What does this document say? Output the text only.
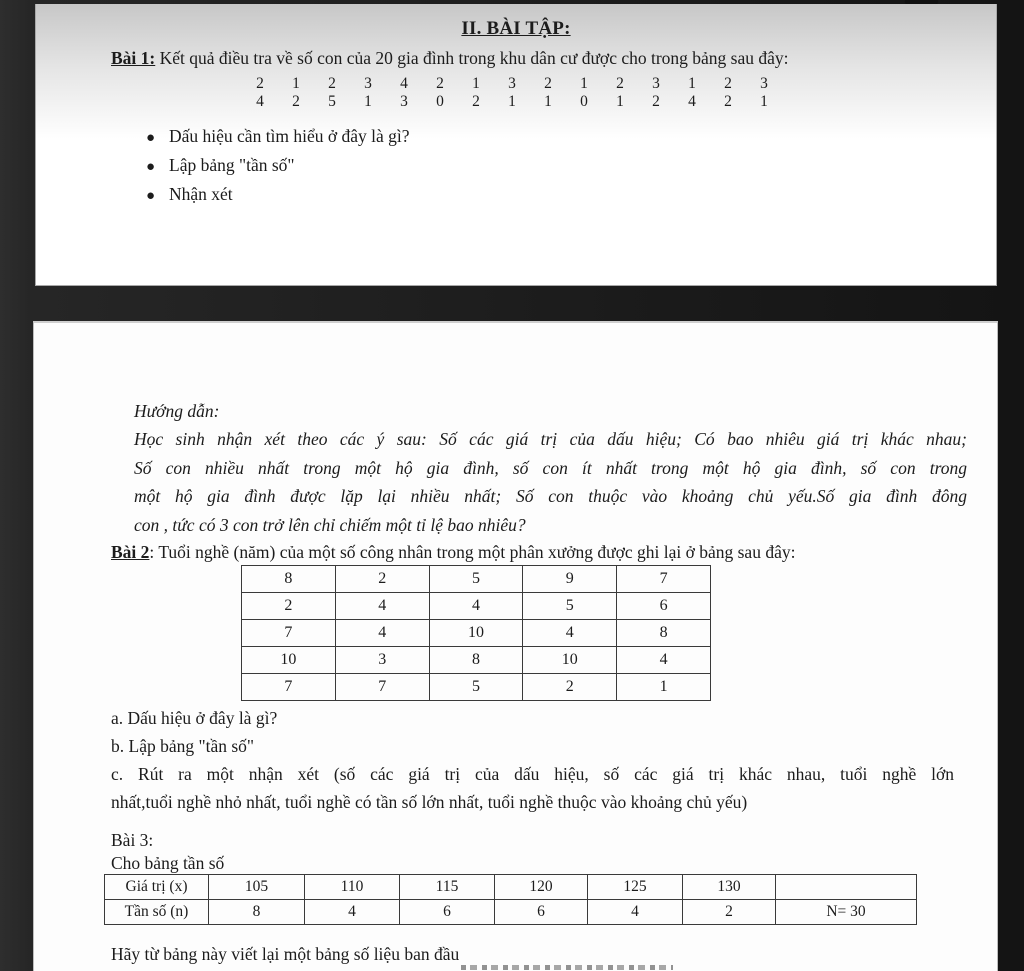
II. BÀI TẬP:
Bài 1: Kết quả điều tra về số con của 20 gia đình trong khu dân cư được cho trong bảng sau đây:
2	1	2	3	4	2	1	3	2	1	2	3	1	2	3
4	2	5	1	3	0	2	1	1	0	1	2	4	2	1
● Dấu hiệu cần tìm hiểu ở đây là gì?
● Lập bảng "tần số"
● Nhận xét
Hướng dẫn:
Học sinh nhận xét theo các ý sau: Số các giá trị của dấu hiệu; Có bao nhiêu giá trị khác nhau;
Số con nhiều nhất trong một hộ gia đình, số con ít nhất trong một hộ gia đình, số con trong
một hộ gia đình được lặp lại nhiều nhất; Số con thuộc vào khoảng chủ yếu.Số gia đình đông
con , tức có 3 con trở lên chỉ chiếm một tỉ lệ bao nhiêu?
Bài 2: Tuổi nghề (năm) của một số công nhân trong một phân xưởng được ghi lại ở bảng sau đây:
8	2	5	9	7
2	4	4	5	6
7	4	10	4	8
10	3	8	10	4
7	7	5	2	1
a. Dấu hiệu ở đây là gì?
b. Lập bảng "tần số"
c. Rút ra một nhận xét (số các giá trị của dấu hiệu, số các giá trị khác nhau, tuổi nghề lớn
nhất,tuổi nghề nhỏ nhất, tuổi nghề có tần số lớn nhất, tuổi nghề thuộc vào khoảng chủ yếu)
Bài 3:
Cho bảng tần số
Giá trị (x)	105	110	115	120	125	130	
Tần số (n)	8	4	6	6	4	2	N= 30
Hãy từ bảng này viết lại một bảng số liệu ban đầu
